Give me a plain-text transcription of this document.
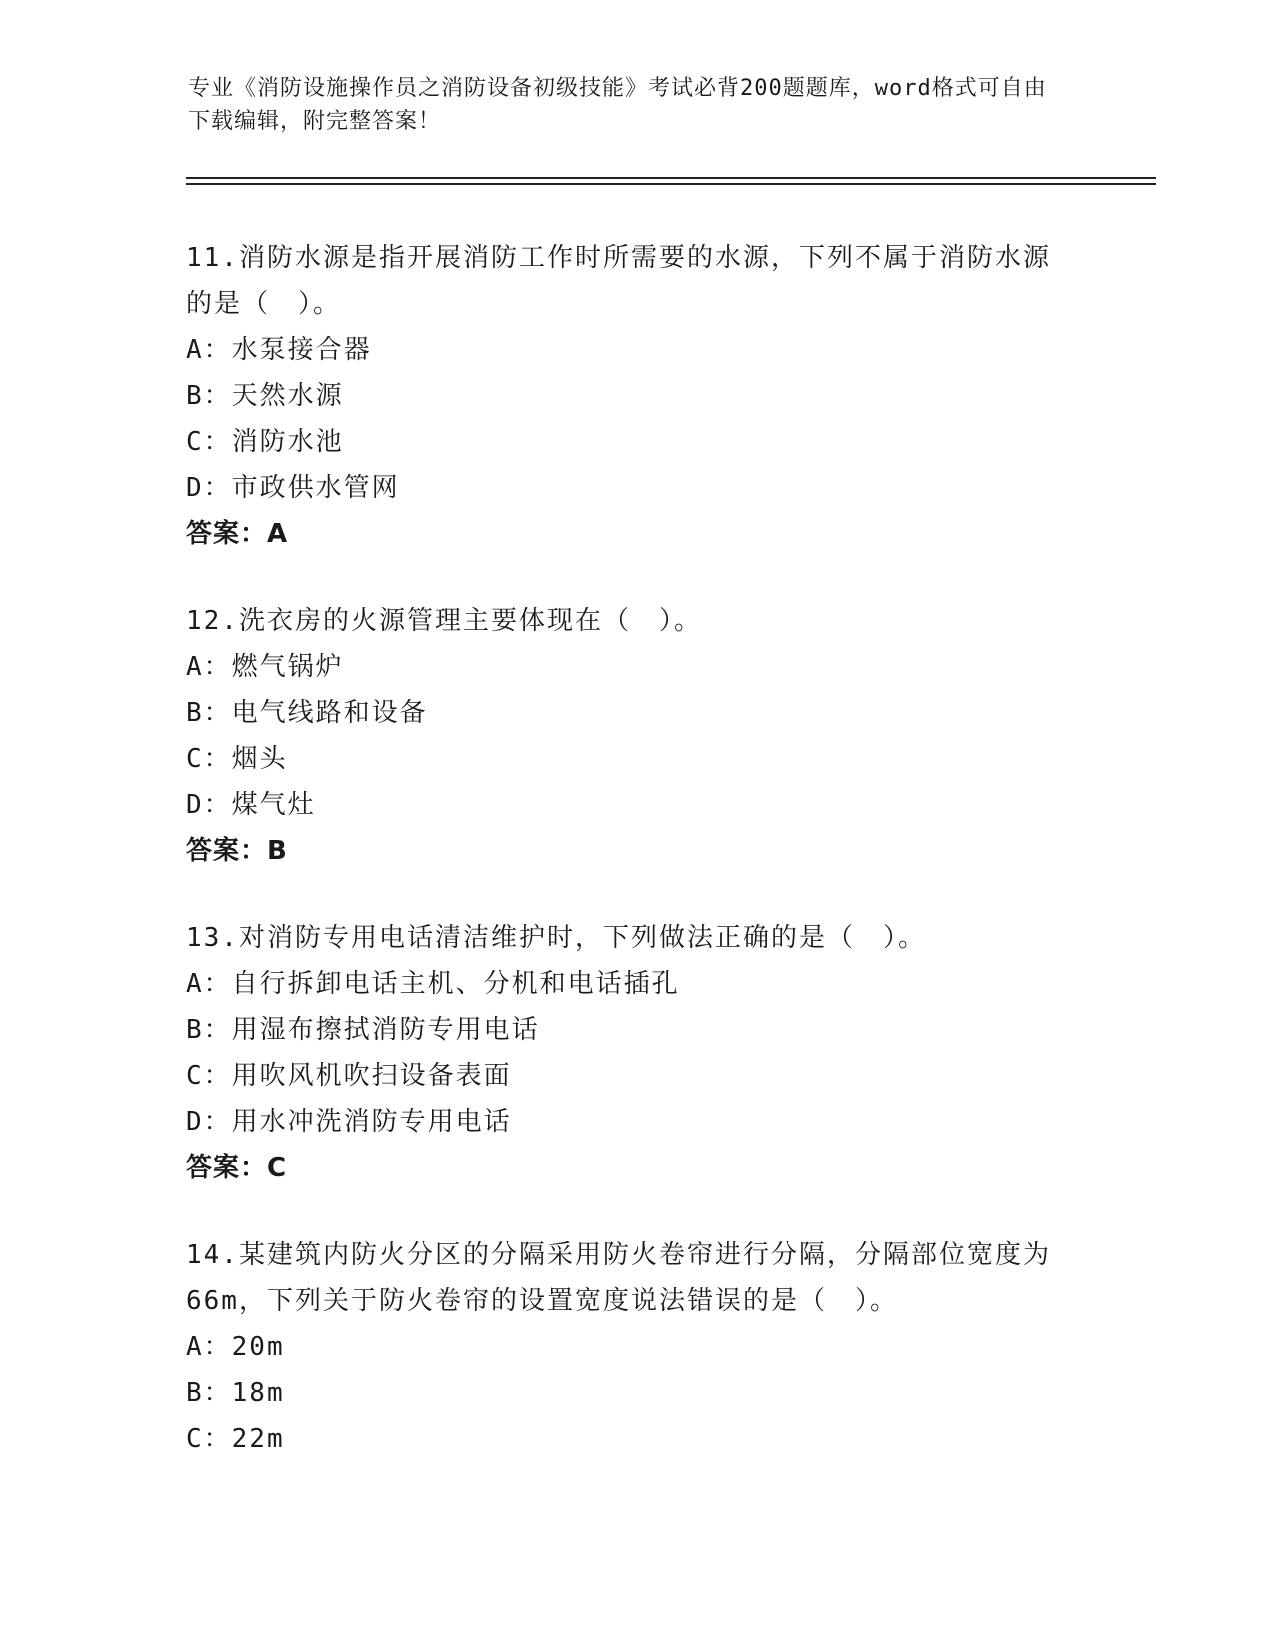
专业《消防设施操作员之消防设备初级技能》考试必背200题题库，word格式可自由下载编辑，附完整答案！
11.消防水源是指开展消防工作时所需要的水源，下列不属于消防水源的是（　）。
A：水泵接合器
B：天然水源
C：消防水池
D：市政供水管网
答案：A
12.洗衣房的火源管理主要体现在（　）。
A：燃气锅炉
B：电气线路和设备
C：烟头
D：煤气灶
答案：B
13.对消防专用电话清洁维护时，下列做法正确的是（　）。
A：自行拆卸电话主机、分机和电话插孔
B：用湿布擦拭消防专用电话
C：用吹风机吹扫设备表面
D：用水冲洗消防专用电话
答案：C
14.某建筑内防火分区的分隔采用防火卷帘进行分隔，分隔部位宽度为66m，下列关于防火卷帘的设置宽度说法错误的是（　）。
A：20m
B：18m
C：22m
